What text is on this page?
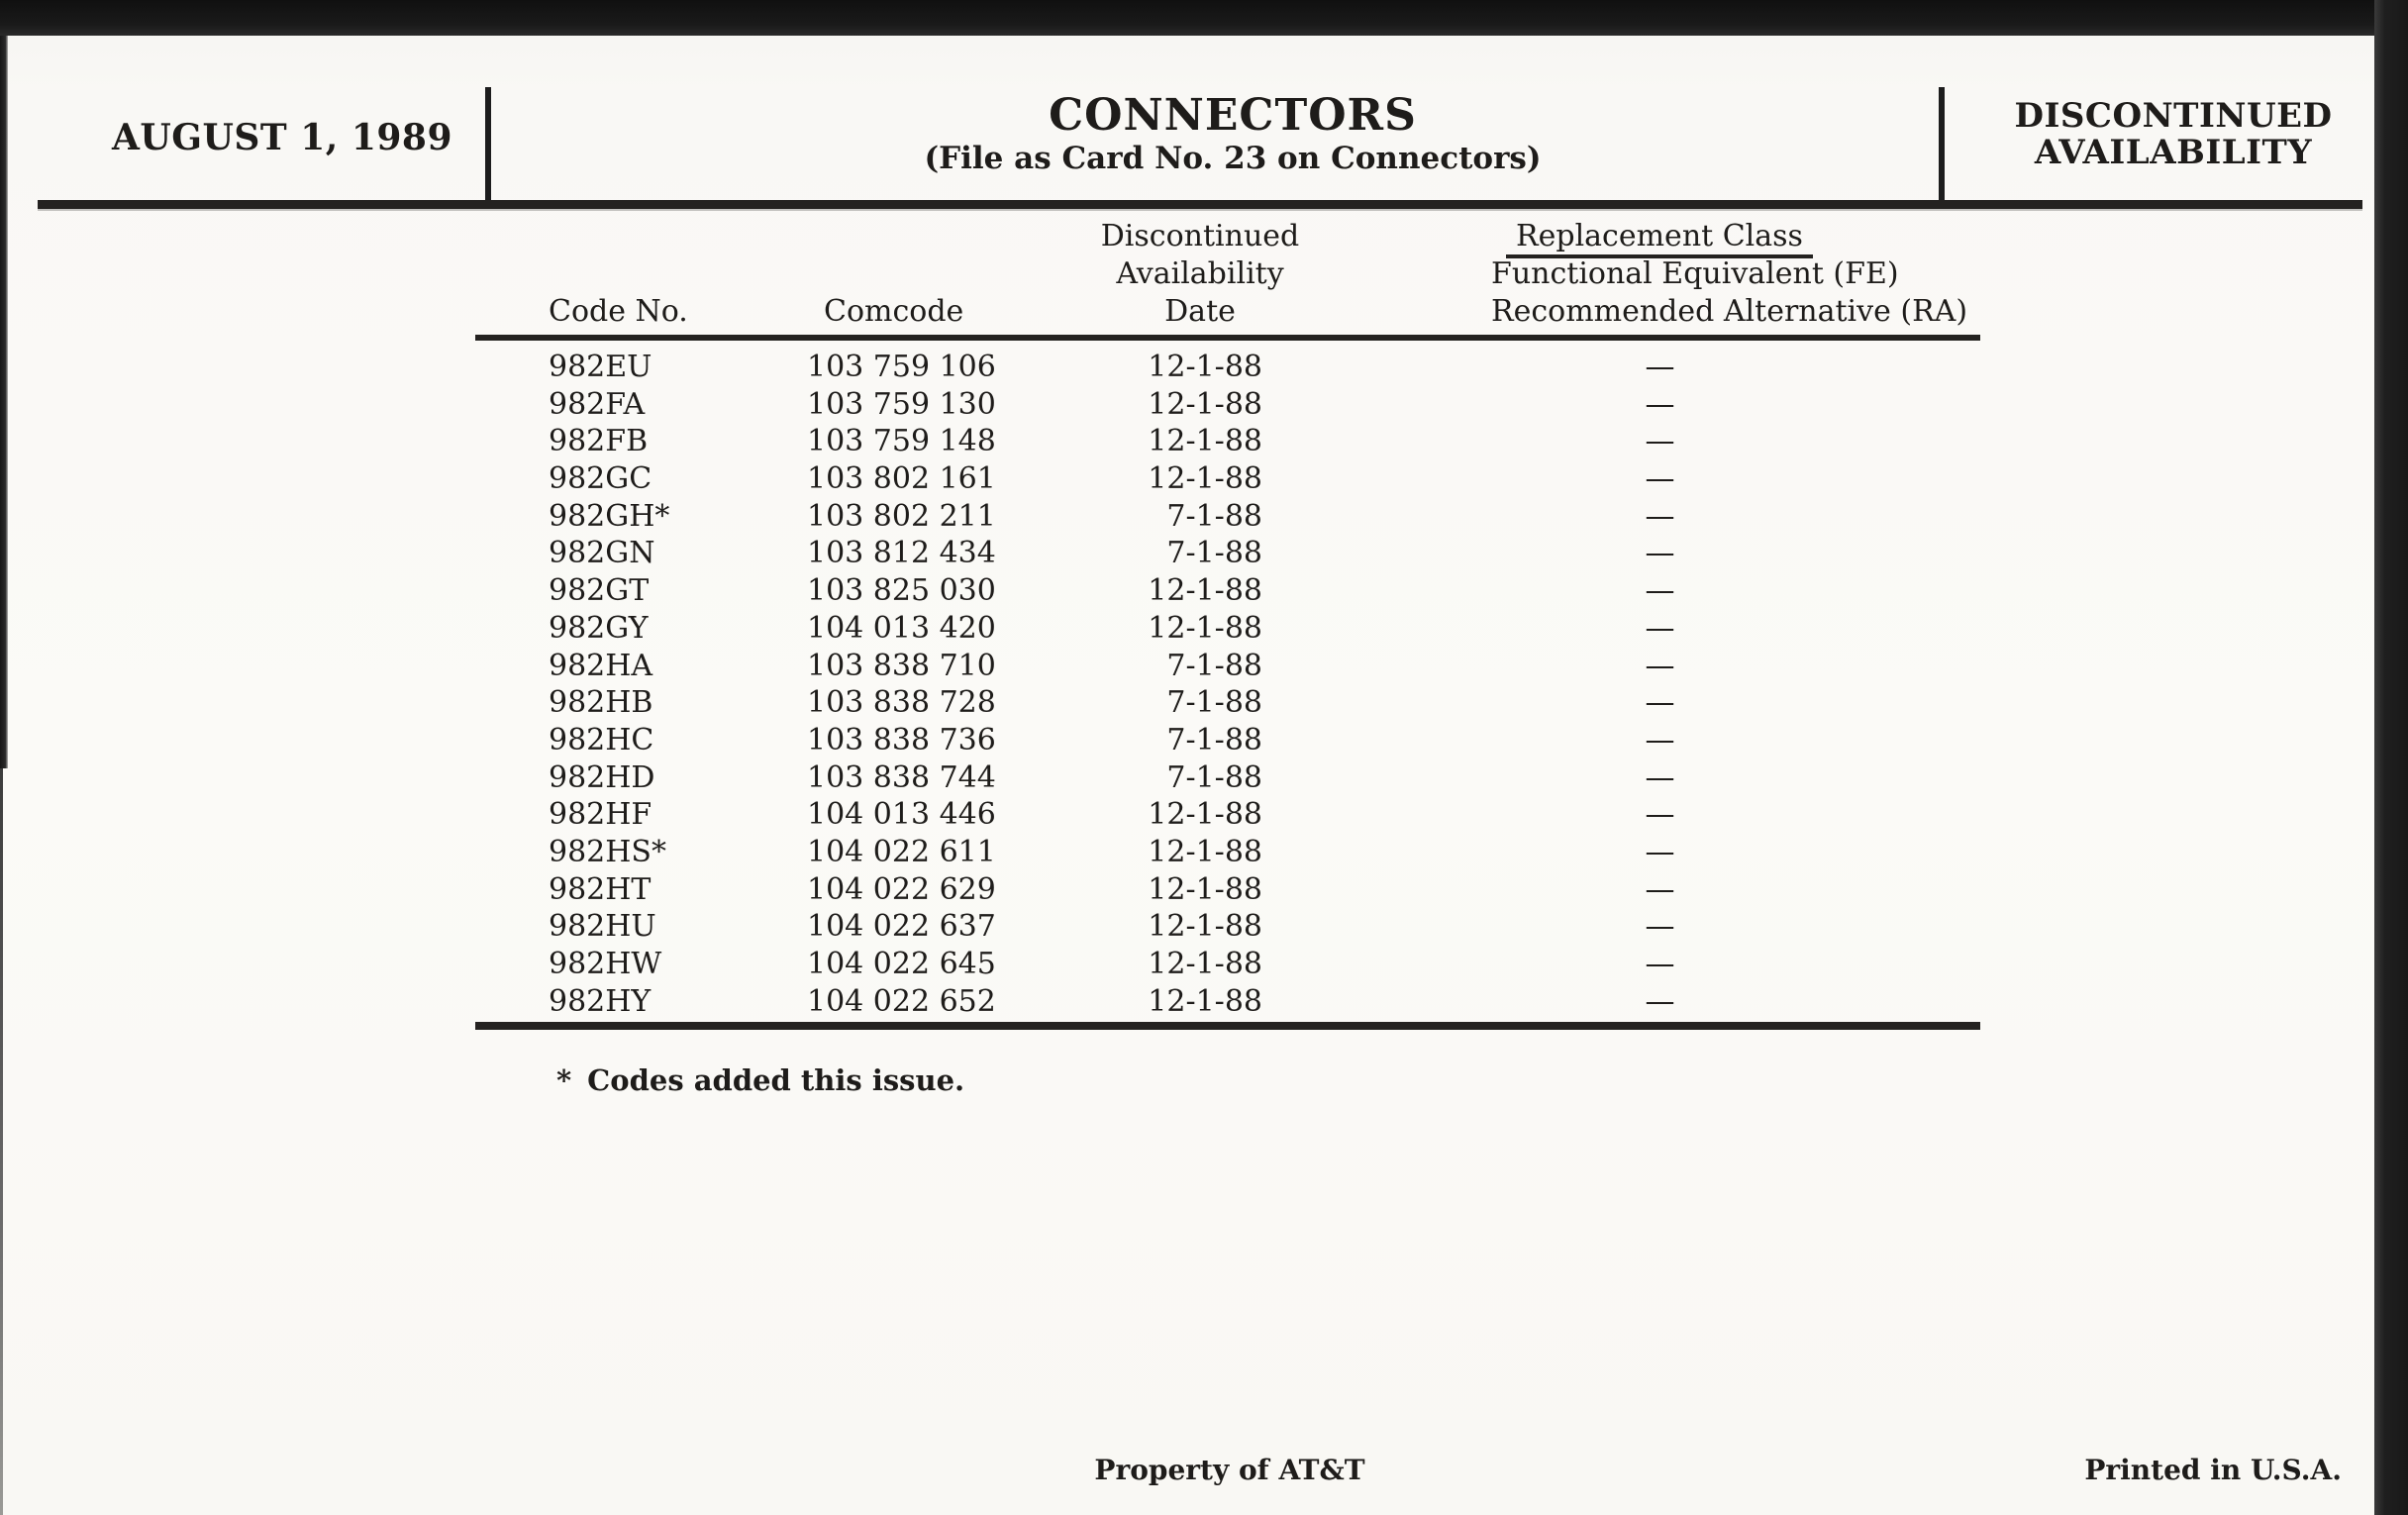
AUGUST 1, 1989	CONNECTORS
(File as Card No. 23 on Connectors)
DISCONTINUED
AVAILABILITY
Discontinued
Availability
Date
Replacement Class
Functional Equivalent (FE)
Recommended Alternative (RA)
Code No.	Comcode
982EU	103 759 106	12-1-88	—
982FA	103 759 130	12-1-88	—
982FB	103 759 148	12-1-88	—
982GC	103 802 161	12-1-88	—
982GH*	103 802 211	7-1-88	—
982GN	103 812 434	7-1-88	—
982GT	103 825 030	12-1-88	—
982GY	104 013 420	12-1-88	—
982HA	103 838 710	7-1-88	—
982HB	103 838 728	7-1-88	—
982HC	103 838 736	7-1-88	—
982HD	103 838 744	7-1-88	—
982HF	104 013 446	12-1-88	—
982HS*	104 022 611	12-1-88	—
982HT	104 022 629	12-1-88	—
982HU	104 022 637	12-1-88	—
982HW	104 022 645	12-1-88	—
982HY	104 022 652	12-1-88	—
* Codes added this issue.
Property of AT&T	Printed in U.S.A.
